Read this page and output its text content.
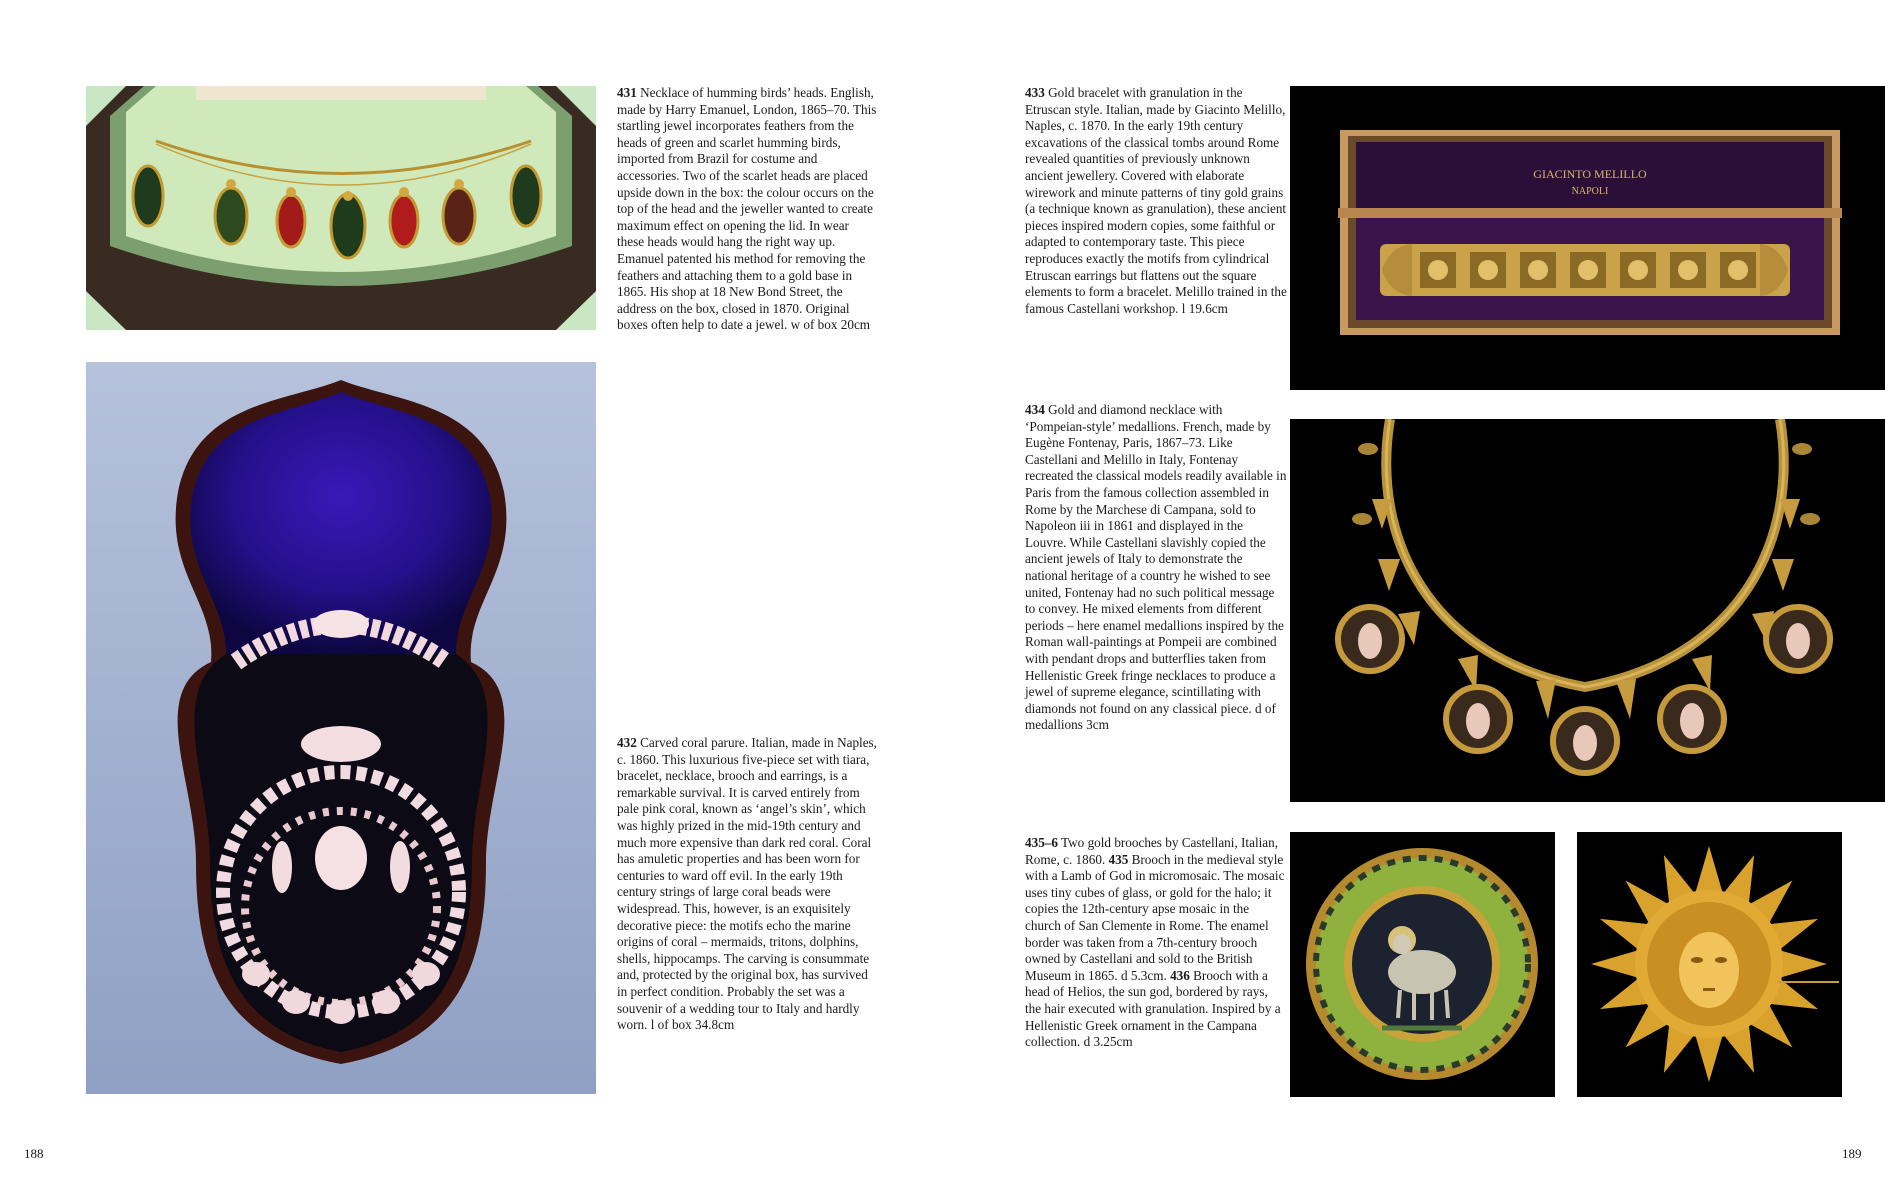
431 Necklace of humming birds’ heads. English, made by Harry Emanuel, London, 1865–70. This startling jewel incorporates feathers from the heads of green and scarlet humming birds, imported from Brazil for costume and accessories. Two of the scarlet heads are placed upside down in the box: the colour occurs on the top of the head and the jeweller wanted to create maximum effect on opening the lid. In wear these heads would hang the right way up. Emanuel patented his method for removing the feathers and attaching them to a gold base in 1865. His shop at 18 New Bond Street, the address on the box, closed in 1870. Original boxes often help to date a jewel. w of box 20cm

432 Carved coral parure. Italian, made in Naples, c. 1860. This luxurious five-piece set with tiara, bracelet, necklace, brooch and earrings, is a remarkable survival. It is carved entirely from pale pink coral, known as ‘angel’s skin’, which was highly prized in the mid-19th century and much more expensive than dark red coral. Coral has amuletic properties and has been worn for centuries to ward off evil. In the early 19th century strings of large coral beads were widespread. This, however, is an exquisitely decorative piece: the motifs echo the marine origins of coral – mermaids, tritons, dolphins, shells, hippocamps. The carving is consummate and, protected by the original box, has survived in perfect condition. Probably the set was a souvenir of a wedding tour to Italy and hardly worn. l of box 34.8cm

188

433 Gold bracelet with granulation in the Etruscan style. Italian, made by Giacinto Melillo, Naples, c. 1870. In the early 19th century excavations of the classical tombs around Rome revealed quantities of previously unknown ancient jewellery. Covered with elaborate wirework and minute patterns of tiny gold grains (a technique known as granulation), these ancient pieces inspired modern copies, some faithful or adapted to contemporary taste. This piece reproduces exactly the motifs from cylindrical Etruscan earrings but flattens out the square elements to form a bracelet. Melillo trained in the famous Castellani workshop. l 19.6cm

GIACINTO MELILLO
NAPOLI

434 Gold and diamond necklace with ‘Pompeian-style’ medallions. French, made by Eugène Fontenay, Paris, 1867–73. Like Castellani and Melillo in Italy, Fontenay recreated the classical models readily available in Paris from the famous collection assembled in Rome by the Marchese di Campana, sold to Napoleon iii in 1861 and displayed in the Louvre. While Castellani slavishly copied the ancient jewels of Italy to demonstrate the national heritage of a country he wished to see united, Fontenay had no such political message to convey. He mixed elements from different periods – here enamel medallions inspired by the Roman wall-paintings at Pompeii are combined with pendant drops and butterflies taken from Hellenistic Greek fringe necklaces to produce a jewel of supreme elegance, scintillating with diamonds not found on any classical piece. d of medallions 3cm

435–6 Two gold brooches by Castellani, Italian, Rome, c. 1860. 435 Brooch in the medieval style with a Lamb of God in micromosaic. The mosaic uses tiny cubes of glass, or gold for the halo; it copies the 12th-century apse mosaic in the church of San Clemente in Rome. The enamel border was taken from a 7th-century brooch owned by Castellani and sold to the British Museum in 1865. d 5.3cm. 436 Brooch with a head of Helios, the sun god, bordered by rays, the hair executed with granulation. Inspired by a Hellenistic Greek ornament in the Campana collection. d 3.25cm

189
